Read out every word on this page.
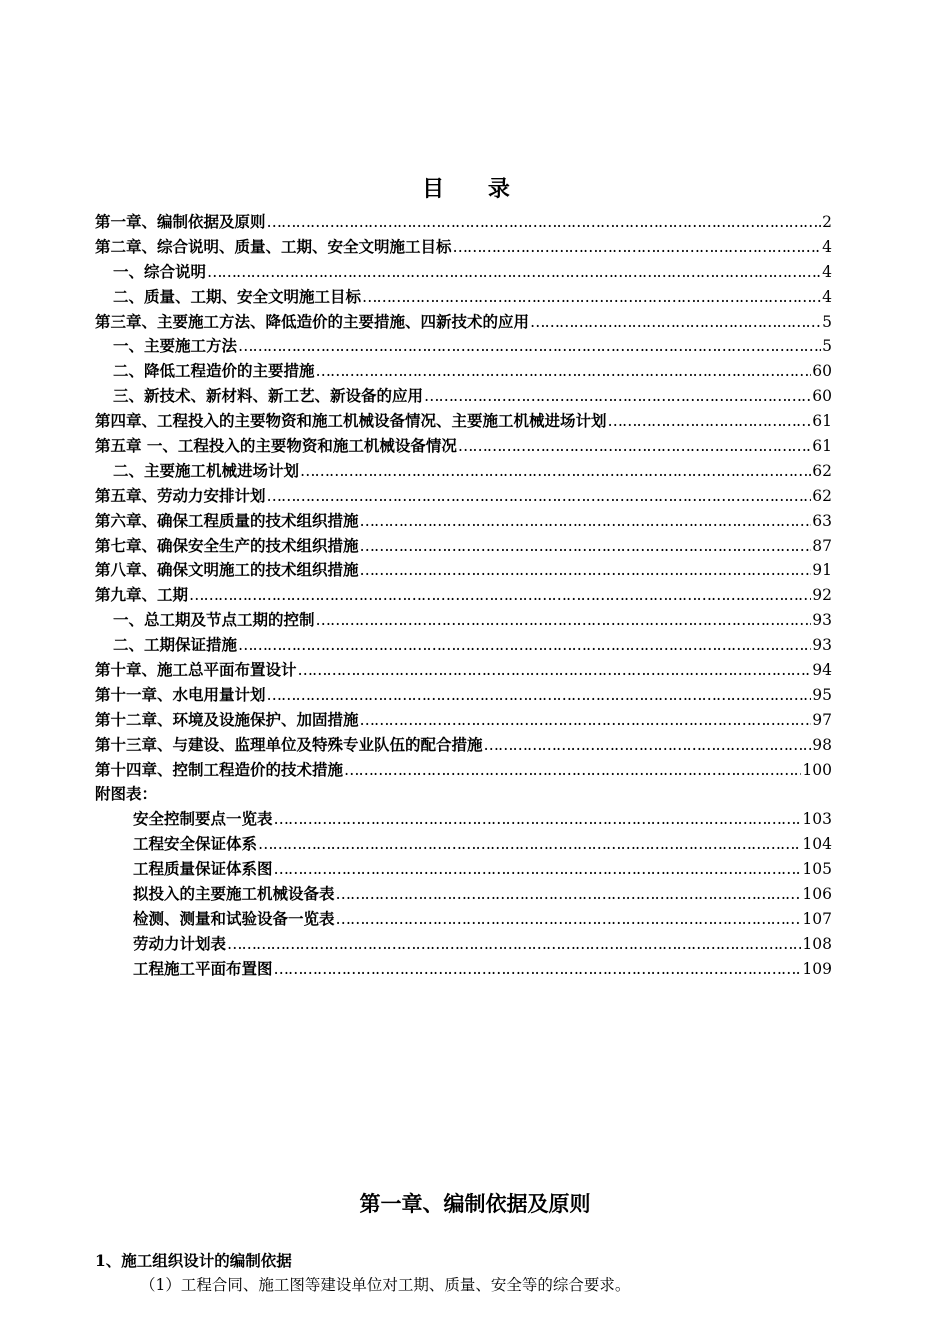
目 录
第一章、编制依据及原则 ……………………………………………………………………………………………………………………………………………………………………………………………	2
第二章、综合说明、质量、工期、安全文明施工目标 ……………………………………………………………………………………………………………………………………………………………………………………………	4
一、综合说明 ……………………………………………………………………………………………………………………………………………………………………………………………	4
二、质量、工期、安全文明施工目标 ……………………………………………………………………………………………………………………………………………………………………………………………	4
第三章、主要施工方法、降低造价的主要措施、四新技术的应用 ……………………………………………………………………………………………………………………………………………………………………………………………	5
一、主要施工方法 ……………………………………………………………………………………………………………………………………………………………………………………………	5
二、降低工程造价的主要措施 ……………………………………………………………………………………………………………………………………………………………………………………………	60
三、新技术、新材料、新工艺、新设备的应用 ……………………………………………………………………………………………………………………………………………………………………………………………	60
第四章、工程投入的主要物资和施工机械设备情况、主要施工机械进场计划 ……………………………………………………………………………………………………………………………………………………………………………………………	61
第五章 一、工程投入的主要物资和施工机械设备情况 ……………………………………………………………………………………………………………………………………………………………………………………………	61
二、主要施工机械进场计划 ……………………………………………………………………………………………………………………………………………………………………………………………	62
第五章、劳动力安排计划 ……………………………………………………………………………………………………………………………………………………………………………………………	62
第六章、确保工程质量的技术组织措施 ……………………………………………………………………………………………………………………………………………………………………………………………	63
第七章、确保安全生产的技术组织措施 ……………………………………………………………………………………………………………………………………………………………………………………………	87
第八章、确保文明施工的技术组织措施 ……………………………………………………………………………………………………………………………………………………………………………………………	91
第九章、工期 ……………………………………………………………………………………………………………………………………………………………………………………………	92
一、总工期及节点工期的控制 ……………………………………………………………………………………………………………………………………………………………………………………………	93
二、工期保证措施 ……………………………………………………………………………………………………………………………………………………………………………………………	93
第十章、施工总平面布置设计 ……………………………………………………………………………………………………………………………………………………………………………………………	94
第十一章、水电用量计划 ……………………………………………………………………………………………………………………………………………………………………………………………	95
第十二章、环境及设施保护、加固措施 ……………………………………………………………………………………………………………………………………………………………………………………………	97
第十三章、与建设、监理单位及特殊专业队伍的配合措施 ……………………………………………………………………………………………………………………………………………………………………………………………	98
第十四章、控制工程造价的技术措施 ……………………………………………………………………………………………………………………………………………………………………………………………	100
附图表：
安全控制要点一览表 ……………………………………………………………………………………………………………………………………………………………………………………………	103
工程安全保证体系 ……………………………………………………………………………………………………………………………………………………………………………………………	104
工程质量保证体系图 ……………………………………………………………………………………………………………………………………………………………………………………………	105
拟投入的主要施工机械设备表 ……………………………………………………………………………………………………………………………………………………………………………………………	106
检测、测量和试验设备一览表 ……………………………………………………………………………………………………………………………………………………………………………………………	107
劳动力计划表 ……………………………………………………………………………………………………………………………………………………………………………………………	108
工程施工平面布置图 ……………………………………………………………………………………………………………………………………………………………………………………………	109
第一章、编制依据及原则
1、施工组织设计的编制依据
（1）工程合同、施工图等建设单位对工期、质量、安全等的综合要求。
